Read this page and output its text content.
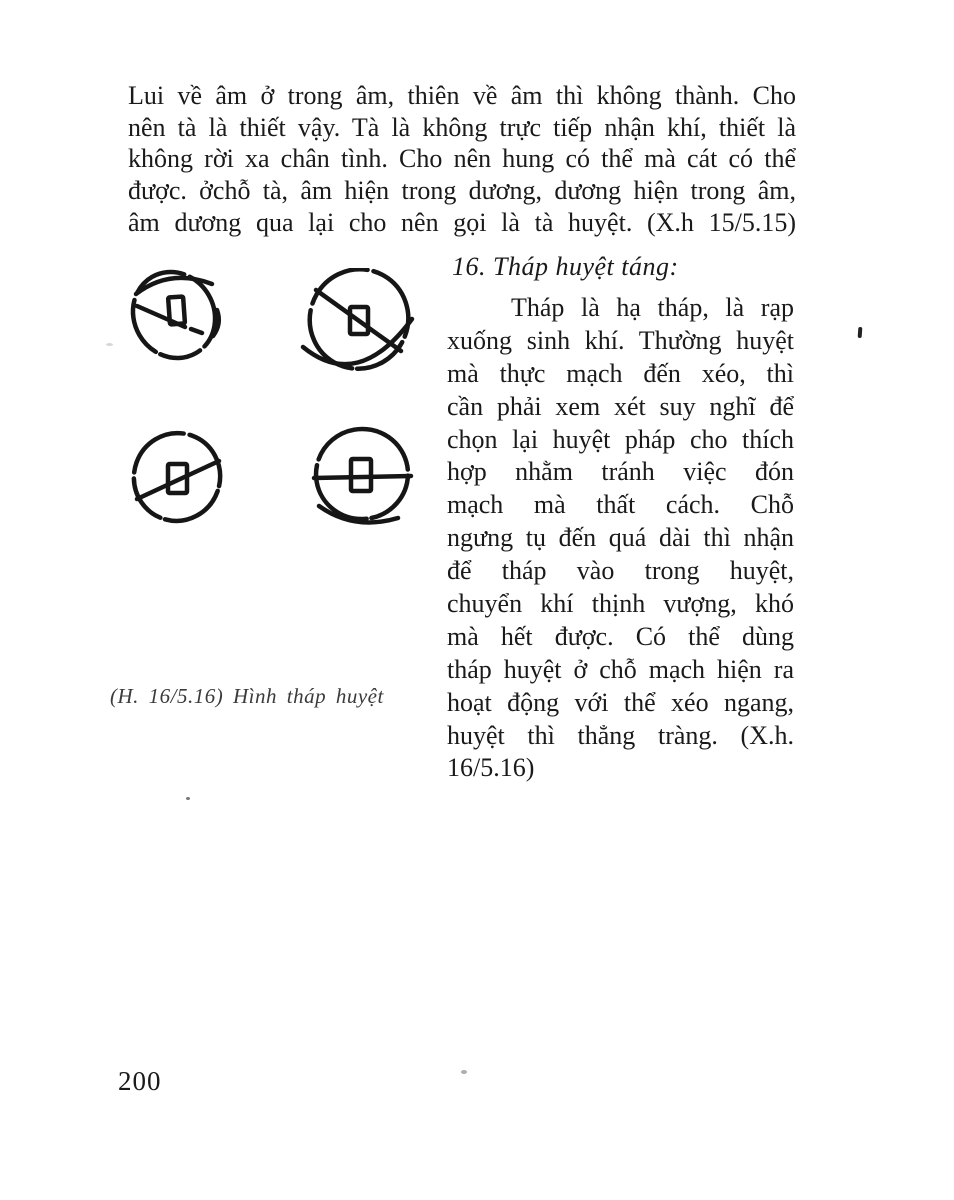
Lui về âm ở trong âm, thiên về âm thì không thành. Cho
nên tà là thiết vậy. Tà là không trực tiếp nhận khí, thiết là
không rời xa chân tình. Cho nên hung có thể mà cát có thể
được. ởchỗ tà, âm hiện trong dương, dương hiện trong âm,
âm dương qua lại cho nên gọi là tà huyệt. (X.h 15/5.15)
16. Tháp huyệt táng:
Tháp là hạ tháp, là rạp
xuống sinh khí. Thường huyệt
mà thực mạch đến xéo, thì
cần phải xem xét suy nghĩ để
chọn lại huyệt pháp cho thích
hợp nhằm tránh việc đón
mạch mà thất cách. Chỗ
ngưng tụ đến quá dài thì nhận
để tháp vào trong huyệt,
chuyển khí thịnh vượng, khó
mà hết được. Có thể dùng
tháp huyệt ở chỗ mạch hiện ra
hoạt động với thể xéo ngang,
huyệt thì thẳng tràng. (X.h.
16/5.16)
(H. 16/5.16) Hình tháp huyệt
200
